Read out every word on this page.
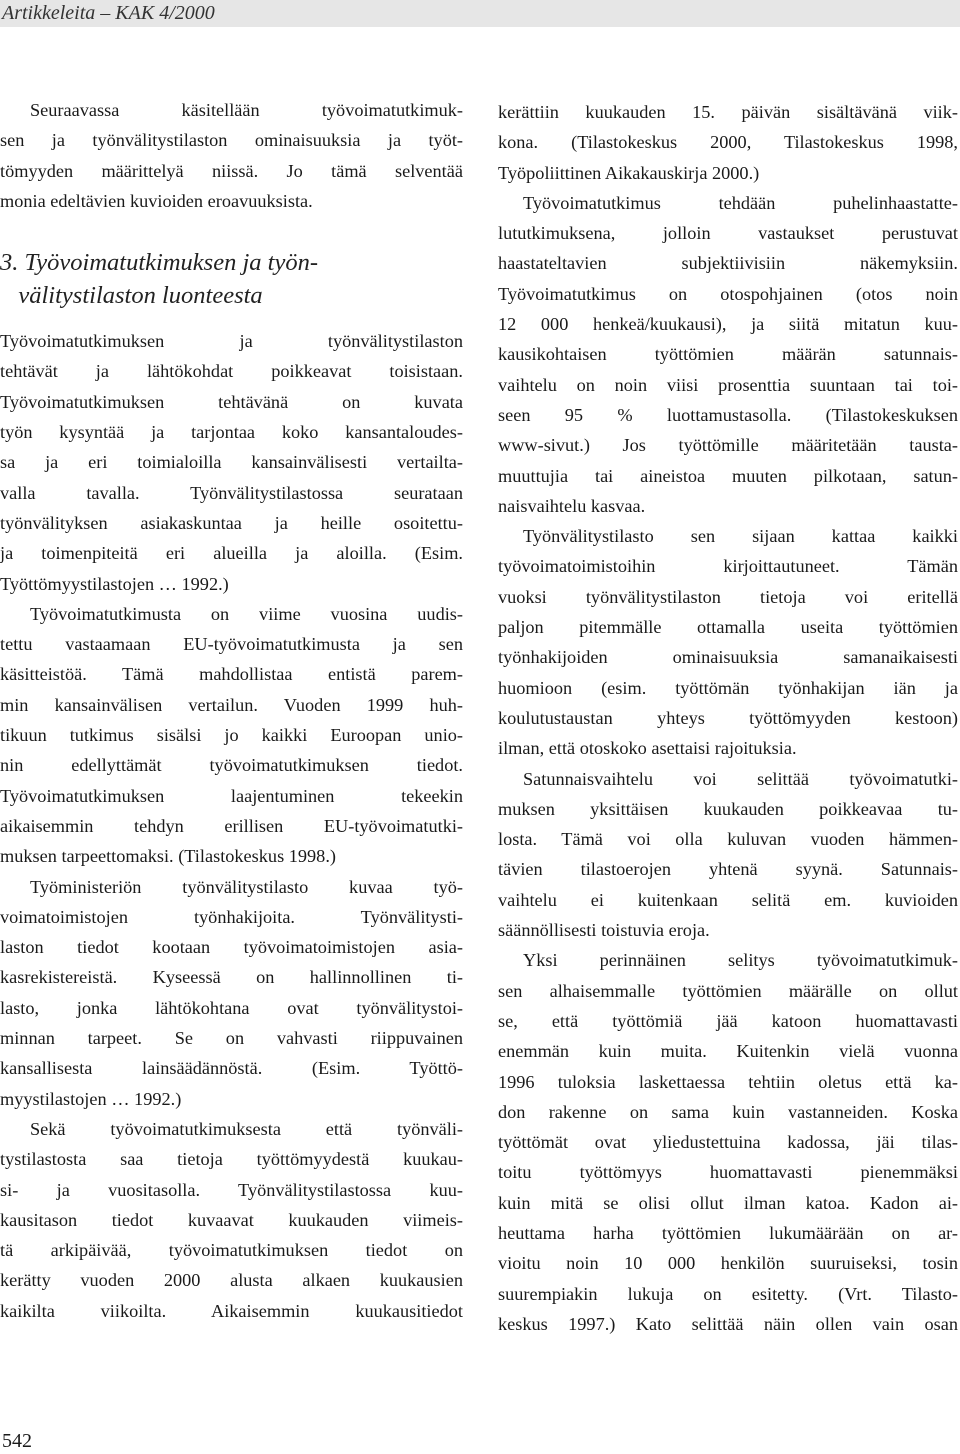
Artikkeleita – KAK 4/2000
Seuraavassa käsitellään työvoimatutkimuk-
sen ja työnvälitystilaston ominaisuuksia ja työt-
tömyyden määrittelyä niissä. Jo tämä selventää
monia edeltävien kuvioiden eroavuuksista.
3. Työvoimatutkimuksen ja työn-
välitystilaston luonteesta
Työvoimatutkimuksen ja työnvälitystilaston
tehtävät ja lähtökohdat poikkeavat toisistaan.
Työvoimatutkimuksen tehtävänä on kuvata
työn kysyntää ja tarjontaa koko kansantaloudes-
sa ja eri toimialoilla kansainvälisesti vertailta-
valla tavalla. Työnvälitystilastossa seurataan
työnvälityksen asiakaskuntaa ja heille osoitettu-
ja toimenpiteitä eri alueilla ja aloilla. (Esim.
Työttömyystilastojen … 1992.)
Työvoimatutkimusta on viime vuosina uudis-
tettu vastaamaan EU-työvoimatutkimusta ja sen
käsitteistöä. Tämä mahdollistaa entistä parem-
min kansainvälisen vertailun. Vuoden 1999 huh-
tikuun tutkimus sisälsi jo kaikki Euroopan unio-
nin edellyttämät työvoimatutkimuksen tiedot.
Työvoimatutkimuksen laajentuminen tekeekin
aikaisemmin tehdyn erillisen EU-työvoimatutki-
muksen tarpeettomaksi. (Tilastokeskus 1998.)
Työministeriön työnvälitystilasto kuvaa työ-
voimatoimistojen työnhakijoita. Työnvälitysti-
laston tiedot kootaan työvoimatoimistojen asia-
kasrekistereistä. Kyseessä on hallinnollinen ti-
lasto, jonka lähtökohtana ovat työnvälitystoi-
minnan tarpeet. Se on vahvasti riippuvainen
kansallisesta lainsäädännöstä. (Esim. Työttö-
myystilastojen … 1992.)
Sekä työvoimatutkimuksesta että työnväli-
tystilastosta saa tietoja työttömyydestä kuukau-
si- ja vuositasolla. Työnvälitystilastossa kuu-
kausitason tiedot kuvaavat kuukauden viimeis-
tä arkipäivää, työvoimatutkimuksen tiedot on
kerätty vuoden 2000 alusta alkaen kuukausien
kaikilta viikoilta. Aikaisemmin kuukausitiedot
kerättiin kuukauden 15. päivän sisältävänä viik-
kona. (Tilastokeskus 2000, Tilastokeskus 1998,
Työpoliittinen Aikakauskirja 2000.)
Työvoimatutkimus tehdään puhelinhaastatte-
lututkimuksena, jolloin vastaukset perustuvat
haastateltavien subjektiivisiin näkemyksiin.
Työvoimatutkimus on otospohjainen (otos noin
12 000 henkeä/kuukausi), ja siitä mitatun kuu-
kausikohtaisen työttömien määrän satunnais-
vaihtelu on noin viisi prosenttia suuntaan tai toi-
seen 95 % luottamustasolla. (Tilastokeskuksen
www-sivut.) Jos työttömille määritetään tausta-
muuttujia tai aineistoa muuten pilkotaan, satun-
naisvaihtelu kasvaa.
Työnvälitystilasto sen sijaan kattaa kaikki
työvoimatoimistoihin kirjoittautuneet. Tämän
vuoksi työnvälitystilaston tietoja voi eritellä
paljon pitemmälle ottamalla useita työttömien
työnhakijoiden ominaisuuksia samanaikaisesti
huomioon (esim. työttömän työnhakijan iän ja
koulutustaustan yhteys työttömyyden kestoon)
ilman, että otoskoko asettaisi rajoituksia.
Satunnaisvaihtelu voi selittää työvoimatutki-
muksen yksittäisen kuukauden poikkeavaa tu-
losta. Tämä voi olla kuluvan vuoden hämmen-
tävien tilastoerojen yhtenä syynä. Satunnais-
vaihtelu ei kuitenkaan selitä em. kuvioiden
säännöllisesti toistuvia eroja.
Yksi perinnäinen selitys työvoimatutkimuk-
sen alhaisemmalle työttömien määrälle on ollut
se, että työttömiä jää katoon huomattavasti
enemmän kuin muita. Kuitenkin vielä vuonna
1996 tuloksia laskettaessa tehtiin oletus että ka-
don rakenne on sama kuin vastanneiden. Koska
työttömät ovat yliedustettuina kadossa, jäi tilas-
toitu työttömyys huomattavasti pienemmäksi
kuin mitä se olisi ollut ilman katoa. Kadon ai-
heuttama harha työttömien lukumäärään on ar-
vioitu noin 10 000 henkilön suuruiseksi, tosin
suurempiakin lukuja on esitetty. (Vrt. Tilasto-
keskus 1997.) Kato selittää näin ollen vain osan
542
